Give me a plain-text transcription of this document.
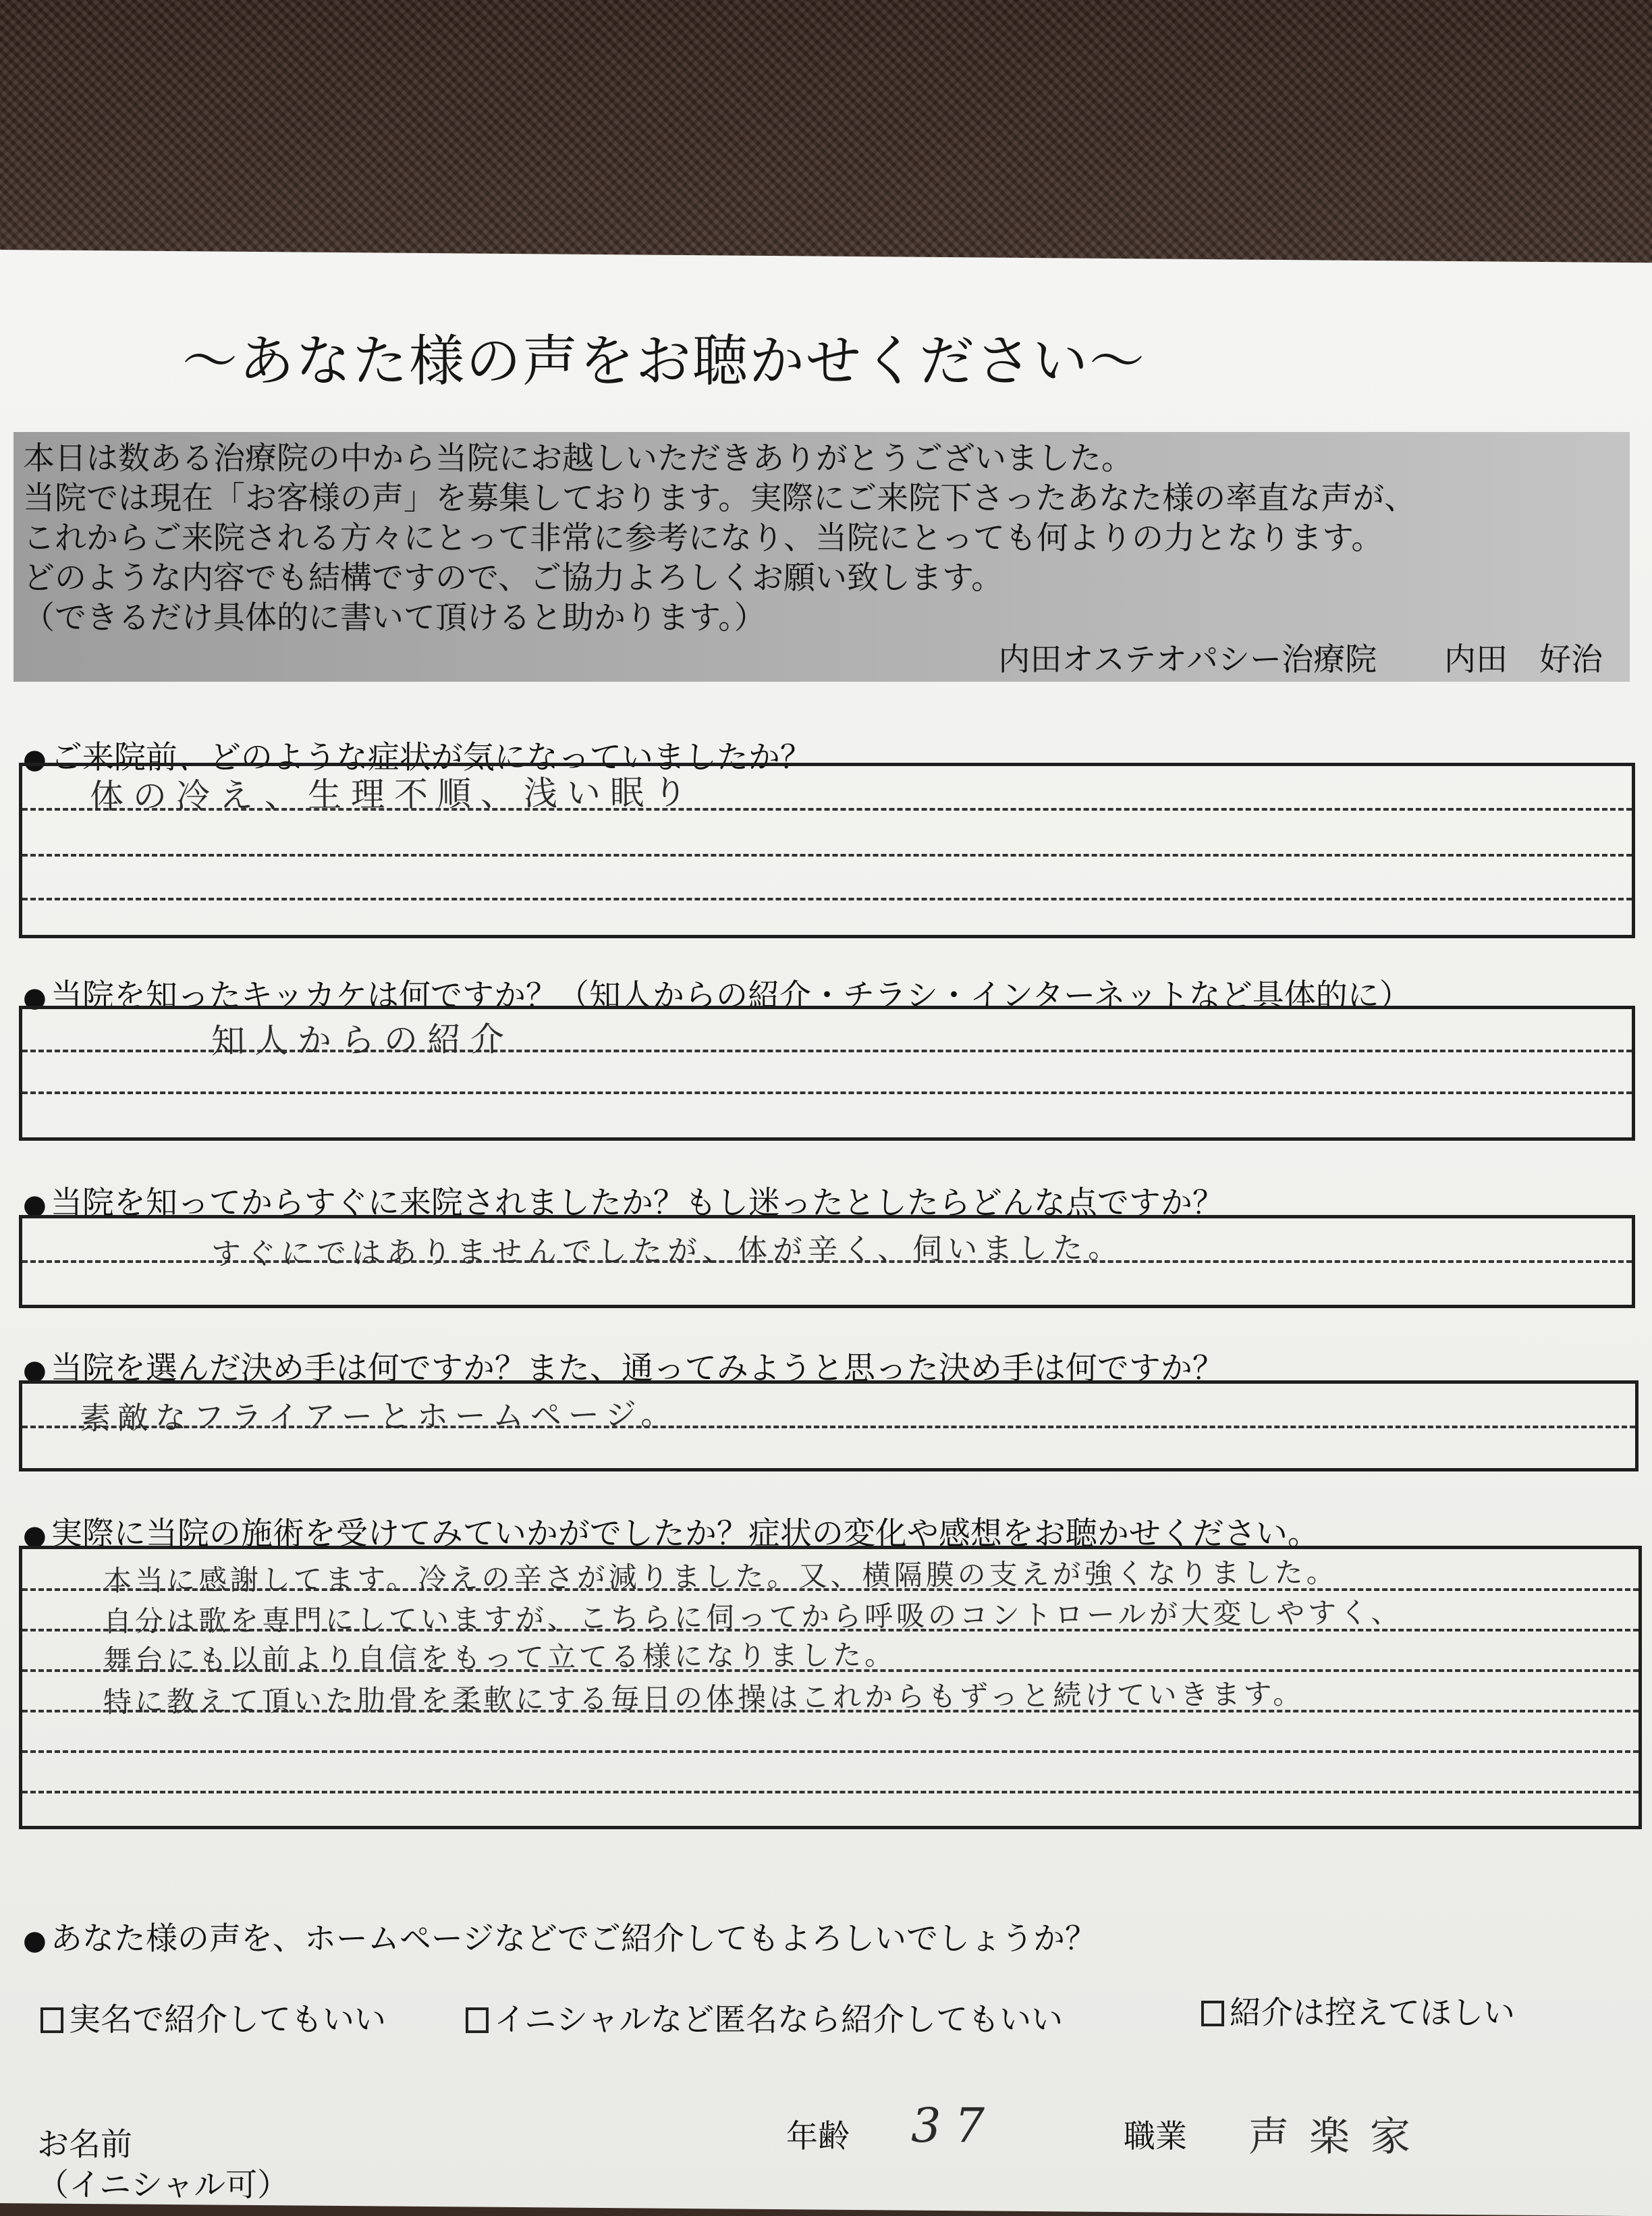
～あなた様の声をお聴かせください～
本日は数ある治療院の中から当院にお越しいただきありがとうございました。
当院では現在「お客様の声」を募集しております。実際にご来院下さったあなた様の率直な声が、
これからご来院される方々にとって非常に参考になり、当院にとっても何よりの力となります。
どのような内容でも結構ですので、ご協力よろしくお願い致します。
（できるだけ具体的に書いて頂けると助かります。）
内田オステオパシー治療院 内田　好治
● ご来院前、どのような症状が気になっていましたか？
体の冷え、生理不順、浅い眠り
● 当院を知ったキッカケは何ですか？（知人からの紹介・チラシ・インターネットなど具体的に）
知人からの紹介
● 当院を知ってからすぐに来院されましたか？もし迷ったとしたらどんな点ですか？
すぐにではありませんでしたが、体が辛く、伺いました。
● 当院を選んだ決め手は何ですか？また、通ってみようと思った決め手は何ですか？
素敵なフライアーとホームページ。
● 実際に当院の施術を受けてみていかがでしたか？症状の変化や感想をお聴かせください。
本当に感謝してます。冷えの辛さが減りました。又、横隔膜の支えが強くなりました。
自分は歌を専門にしていますが、こちらに伺ってから呼吸のコントロールが大変しやすく、
舞台にも以前より自信をもって立てる様になりました。
特に教えて頂いた肋骨を柔軟にする毎日の体操はこれからもずっと続けていきます。
● あなた様の声を、ホームページなどでご紹介してもよろしいでしょうか？
実名で紹介してもいい	イニシャルなど匿名なら紹介してもいい	紹介は控えてほしい
お名前
（イニシャル可）
年齢 37	職業 声楽家
